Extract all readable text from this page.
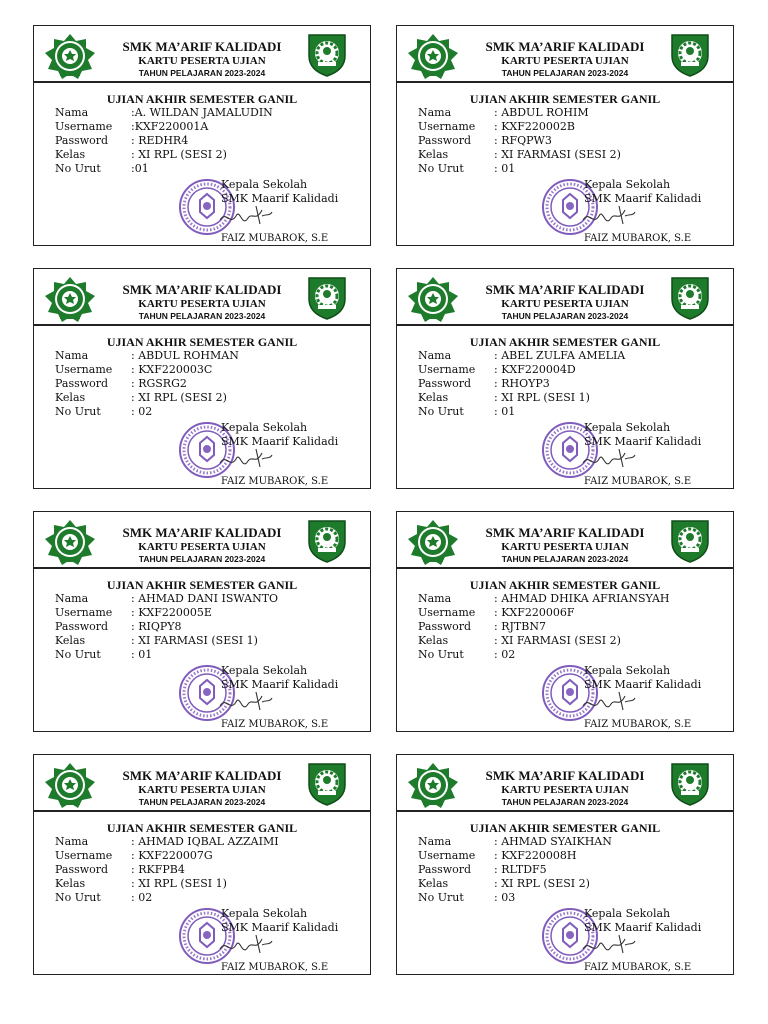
SMK MA’ARIF KALIDADI
KARTU PESERTA UJIAN
TAHUN PELAJARAN 2023-2024
UJIAN AKHIR SEMESTER GANIL
Nama	:A. WILDAN JAMALUDIN
Username :KXF220001A
Password : REDHR4
Kelas	: XI RPL (SESI 2)
No Urut	:01
Kepala Sekolah
SMK Maarif Kalidadi
FAIZ MUBAROK, S.E
SMK MA’ARIF KALIDADI
KARTU PESERTA UJIAN
TAHUN PELAJARAN 2023-2024
UJIAN AKHIR SEMESTER GANIL
Nama	: ABDUL ROHIM
Username : KXF220002B
Password : RFQPW3
Kelas	: XI FARMASI (SESI 2)
No Urut	: 01
Kepala Sekolah
SMK Maarif Kalidadi
FAIZ MUBAROK, S.E
SMK MA’ARIF KALIDADI
KARTU PESERTA UJIAN
TAHUN PELAJARAN 2023-2024
UJIAN AKHIR SEMESTER GANIL
Nama	: ABDUL ROHMAN
Username : KXF220003C
Password : RGSRG2
Kelas	: XI RPL (SESI 2)
No Urut	: 02
Kepala Sekolah
SMK Maarif Kalidadi
FAIZ MUBAROK, S.E
SMK MA’ARIF KALIDADI
KARTU PESERTA UJIAN
TAHUN PELAJARAN 2023-2024
UJIAN AKHIR SEMESTER GANIL
Nama	: ABEL ZULFA AMELIA
Username : KXF220004D
Password : RHOYP3
Kelas	: XI RPL (SESI 1)
No Urut	: 01
Kepala Sekolah
SMK Maarif Kalidadi
FAIZ MUBAROK, S.E
SMK MA’ARIF KALIDADI
KARTU PESERTA UJIAN
TAHUN PELAJARAN 2023-2024
UJIAN AKHIR SEMESTER GANIL
Nama	: AHMAD DANI ISWANTO
Username : KXF220005E
Password : RIQPY8
Kelas	: XI FARMASI (SESI 1)
No Urut	: 01
Kepala Sekolah
SMK Maarif Kalidadi
FAIZ MUBAROK, S.E
SMK MA’ARIF KALIDADI
KARTU PESERTA UJIAN
TAHUN PELAJARAN 2023-2024
UJIAN AKHIR SEMESTER GANIL
Nama	: AHMAD DHIKA AFRIANSYAH
Username : KXF220006F
Password : RJTBN7
Kelas	: XI FARMASI (SESI 2)
No Urut	: 02
Kepala Sekolah
SMK Maarif Kalidadi
FAIZ MUBAROK, S.E
SMK MA’ARIF KALIDADI
KARTU PESERTA UJIAN
TAHUN PELAJARAN 2023-2024
UJIAN AKHIR SEMESTER GANIL
Nama	: AHMAD IQBAL AZZAIMI
Username : KXF220007G
Password : RKFPB4
Kelas	: XI RPL (SESI 1)
No Urut	: 02
Kepala Sekolah
SMK Maarif Kalidadi
FAIZ MUBAROK, S.E
SMK MA’ARIF KALIDADI
KARTU PESERTA UJIAN
TAHUN PELAJARAN 2023-2024
UJIAN AKHIR SEMESTER GANIL
Nama	: AHMAD SYAIKHAN
Username : KXF220008H
Password : RLTDF5
Kelas	: XI RPL (SESI 2)
No Urut	: 03
Kepala Sekolah
SMK Maarif Kalidadi
FAIZ MUBAROK, S.E
